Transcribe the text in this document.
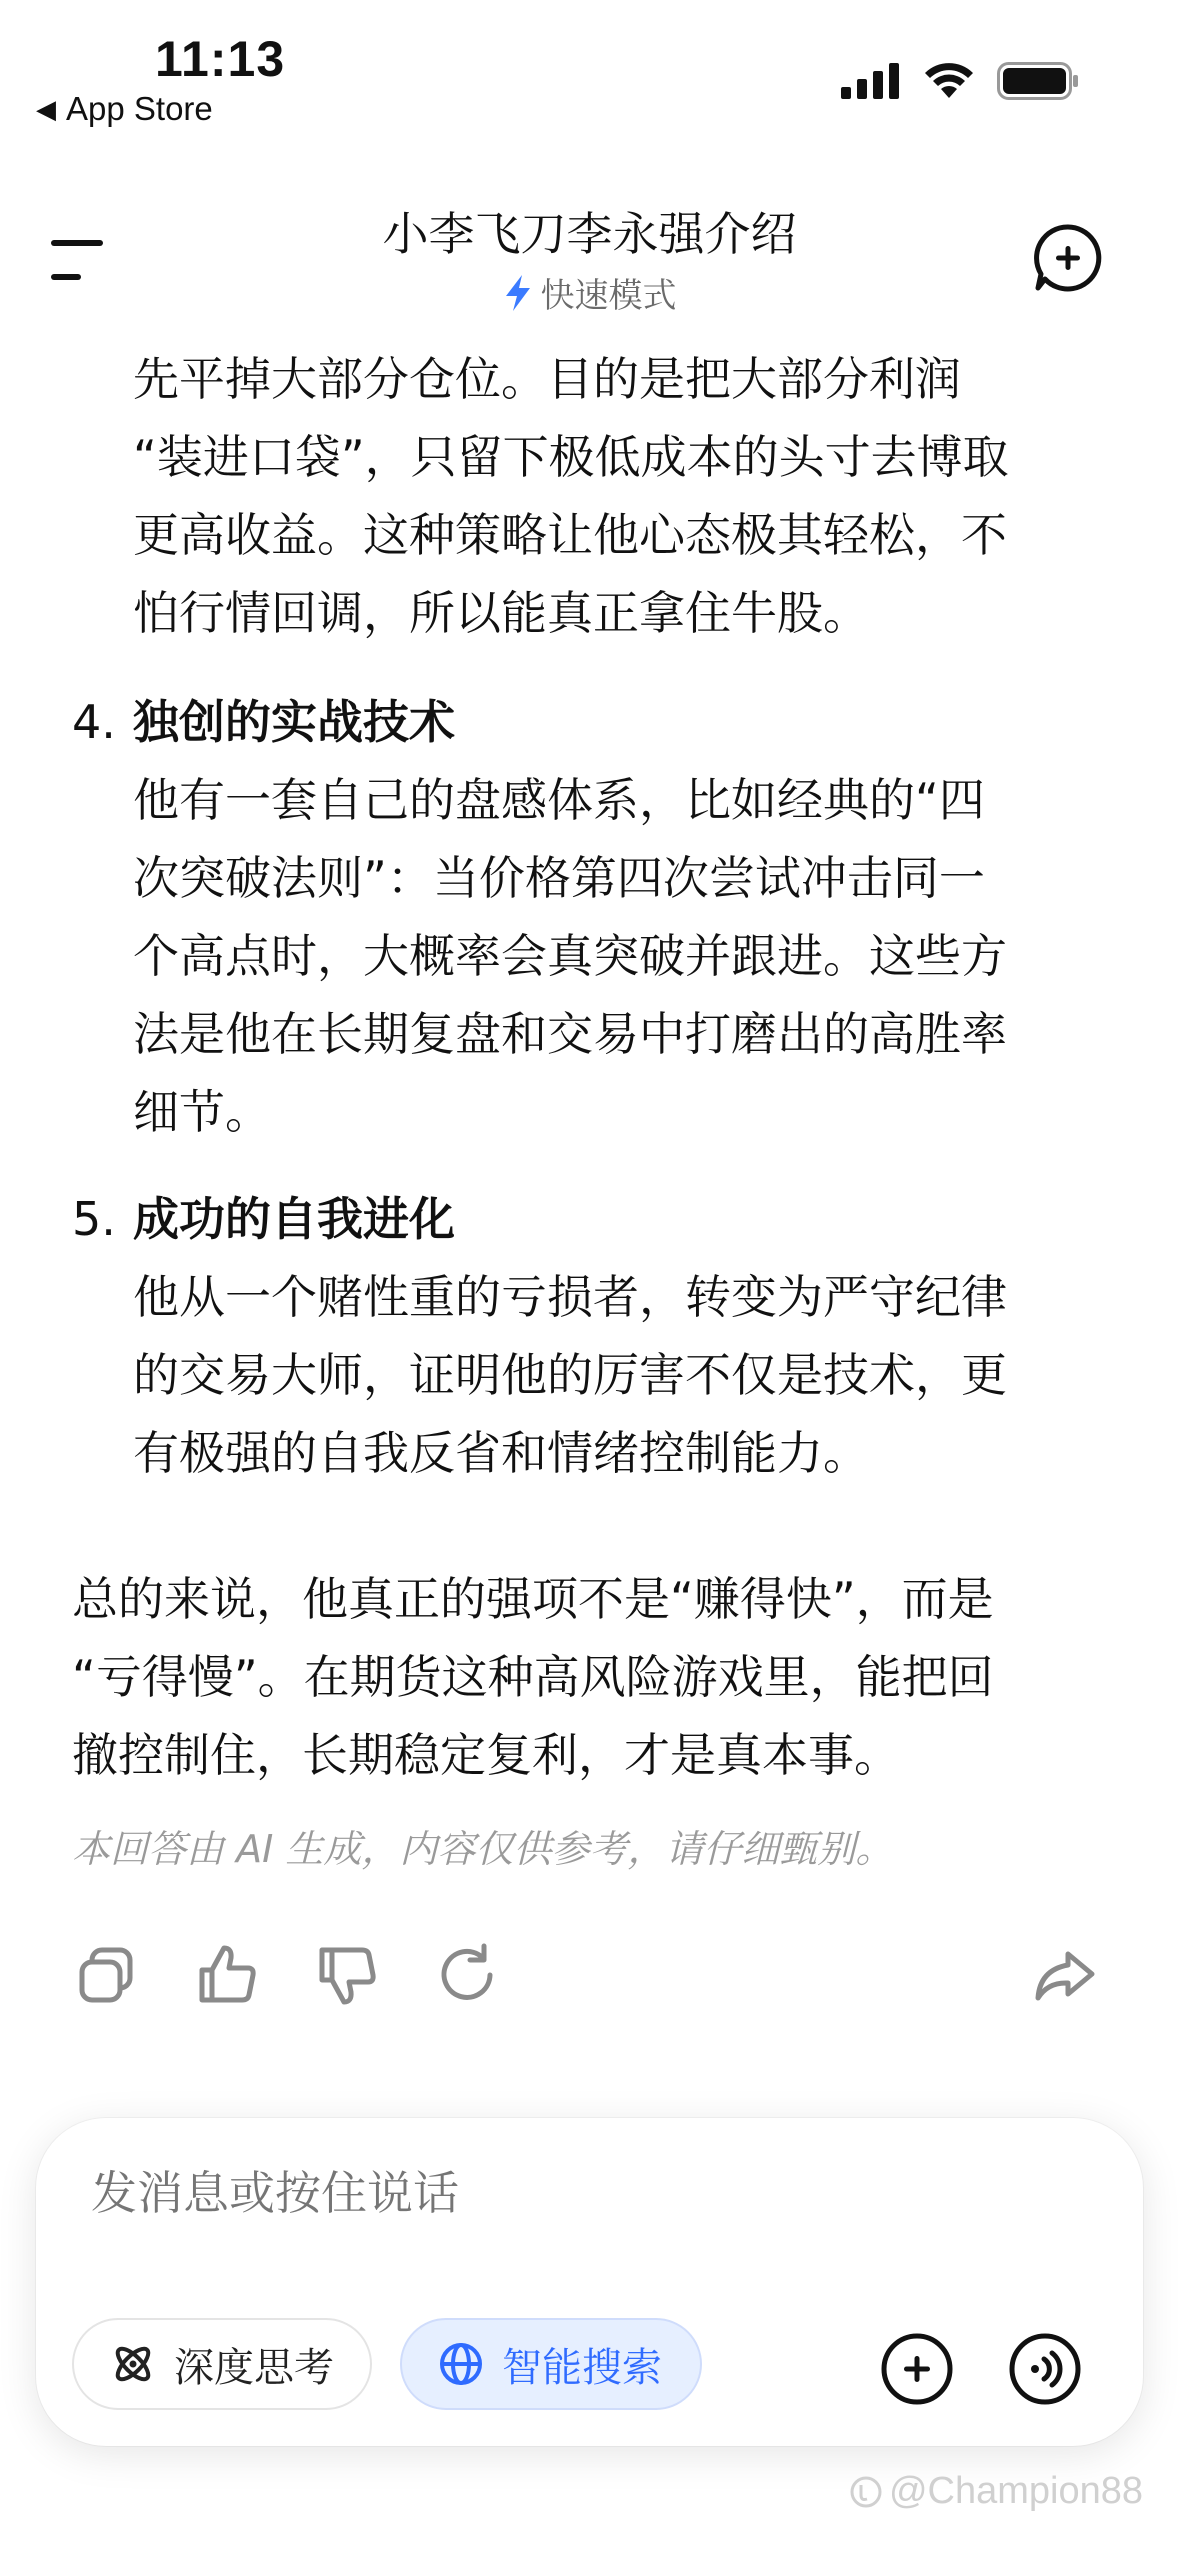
11:13
◀ App Store
小李飞刀李永强介绍
快速模式
先平掉大部分仓位。目的是把大部分利润
“装进口袋”，只留下极低成本的头寸去博取
更高收益。这种策略让他心态极其轻松，不
怕行情回调，所以能真正拿住牛股。
4. 独创的实战技术
他有一套自己的盘感体系，比如经典的“四
次突破法则”：当价格第四次尝试冲击同一
个高点时，大概率会真突破并跟进。这些方
法是他在长期复盘和交易中打磨出的高胜率
细节。
5. 成功的自我进化
他从一个赌性重的亏损者，转变为严守纪律
的交易大师，证明他的厉害不仅是技术，更
有极强的自我反省和情绪控制能力。
总的来说，他真正的强项不是“赚得快”，而是
“亏得慢”。在期货这种高风险游戏里，能把回
撤控制住，长期稳定复利，才是真本事。
本回答由 AI 生成，内容仅供参考，请仔细甄别。
发消息或按住说话
深度思考	智能搜索
@Champion88
